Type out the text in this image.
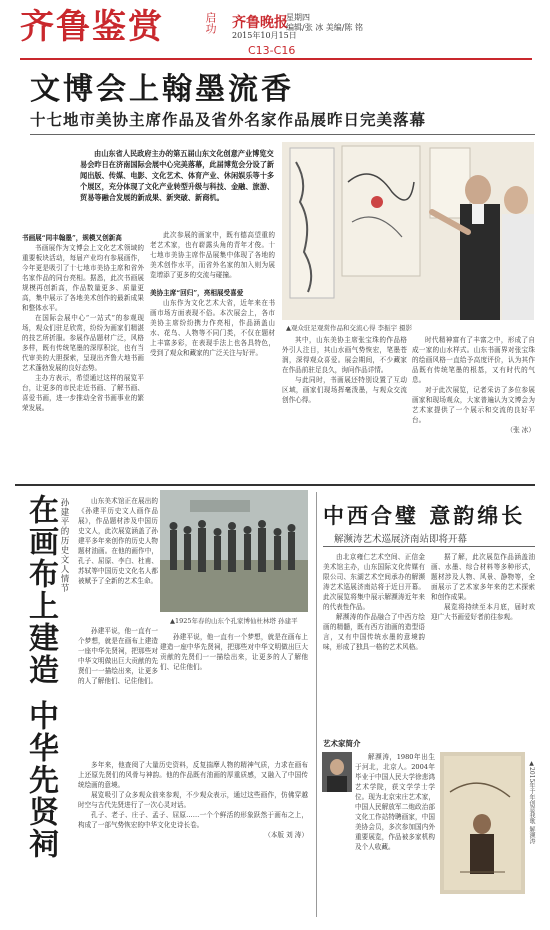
齐鲁鉴赏	启功 齐鲁晚报
2015年10月15日
星期四
编辑/张 冰 美编/陈 铭
C13-C16
文博会上翰墨流香
十七地市美协主席作品及省外名家作品展昨日完美落幕
由山东省人民政府主办的第五届山东文化创意产业博览交易会昨日在济南国际会展中心完美落幕，此届博览会分设了新闻出版、传媒、电影、文化艺术、体育产业、休闲娱乐等十多个展区，充分体现了文化产业转型升级与科技、金融、旅游、贸易等融合发展的新成果、新突破、新商机。

书画展“同丰翰墨”，规模又创新高

书画展作为文博会上文化艺术领域的重要板块活动，每届产业均有参展画作，今年更是吸引了十七地市美协主席和省外名家作品的同台亮相。据悉，此次书画展规模再创新高，作品数量更多、质量更高，集中展示了各地美术创作的最新成果和整体水平。

在国际会展中心“一站式”的参观现场，观众们驻足欣赏，纷纷为画家们精湛的技艺所折服。参展作品题材广泛，风格多样，既有传统笔墨的深厚积淀，也有当代审美的大胆探索，呈现出齐鲁大地书画艺术蓬勃发展的良好态势。

主办方表示，希望通过这样的展览平台，让更多的市民走近书画、了解书画、喜爱书画，进一步推动全省书画事业的繁荣发展。

此次参展的画家中，既有德高望重的老艺术家，也有崭露头角的青年才俊。十七地市美协主席作品展集中体现了各地的美术创作水平，而省外名家的加入则为展览增添了更多的交流与碰撞。

美协主席“回归”，亮相展受喜爱

山东作为文化艺术大省，近年来在书画市场方面表现不俗。本次展会上，各市美协主席纷纷携力作亮相，作品涵盖山水、花鸟、人物等不同门类，不仅在题材上丰富多彩，在表现手法上也各具特色，受到了观众和藏家的广泛关注与好评。

▲观众驻足观赏作品和交流心得 李振宇 摄影

其中，山东美协主席张宝珠的作品格外引人注目，其山水画气势恢宏，笔墨苍润，深得观众喜爱。展会期间，不少藏家在作品前驻足良久，询问作品详情。

与此同时，书画展还特别设置了互动区域，画家们现场挥毫泼墨，与观众交流创作心得。

时代精神富有了丰富之中，形成了自成一家的山水样式。山东书画界对张宝珠的绘画风格一直给予高度评价，认为其作品既有传统笔墨的根基，又有时代的气息。

对于此次展览，记者采访了多位参展画家和现场观众，大家普遍认为文博会为艺术家提供了一个展示和交流的良好平台。

（张 冰）

在画布上建造
中华先贤祠
孙建平的历史文人情节	山东美术馆正在展出的《孙建平历史文人画作品展》，作品题材涉及中国历史文人，此次展览涵盖了孙建平多年来创作的历史人物题材油画。在他的画作中，孔子、屈原、李白、杜甫、苏轼等中国历史文化名人都被赋予了全新的艺术生命。

孙建平说，他一直有一个梦想，就是在画布上建造一座中华先贤祠，把那些对中华文明做出巨大贡献的先贤们一一描绘出来，让更多的人了解他们、记住他们。

▲1925年春的山东个孔家博仙杜林塔 孙建平

多年来，他查阅了大量历史资料，反复揣摩人物的精神气质，力求在画布上还原先贤们的风骨与神韵。他的作品既有油画的厚重质感，又融入了中国传统绘画的意境。

展览吸引了众多观众前来参观，不少观众表示，通过这些画作，仿佛穿越时空与古代先贤进行了一次心灵对话。

孔子、老子、庄子、孟子、屈原……一个个鲜活的形象跃然于画布之上，构成了一部气势恢宏的中华文化史诗长卷。

（本版 刘 涛）

孙建平说，他一直有一个梦想，就是在画布上建造一座中华先贤祠，把那些对中华文明做出巨大贡献的先贤们一一描绘出来，让更多的人了解他们、记住他们。

中西合璧 意韵绵长
解濒涛艺术巡展济南站即将开幕

由北京雍仁艺术空间、正信金美术馆主办，山东国际文化传媒有限公司、东湖艺术空间承办的解濒涛艺术巡展济南站将于近日开幕。此次展览将集中展示解濒涛近年来的代表性作品。

解濒涛的作品融合了中西方绘画的精髓，既有西方油画的造型语言，又有中国传统水墨的意境韵味，形成了独具一格的艺术风格。

据了解，此次展览作品涵盖油画、水墨、综合材料等多种形式，题材涉及人物、风景、静物等，全面展示了艺术家多年来的艺术探索和创作成果。

展览将持续至本月底，届时欢迎广大书画爱好者前往参观。

艺术家简介

解濒涛，1980年出生于河北，北京人。2004年毕业于中国人民大学徐悲鸿艺术学院，获文学学士学位。现为北京宋庄艺术家，中国人民解放军二炮政治部文化工作站特聘画家，中国美协会员，多次参加国内外重要展览，作品被多家机构及个人收藏。

▲2015年千年创意我歌 解濒涛
